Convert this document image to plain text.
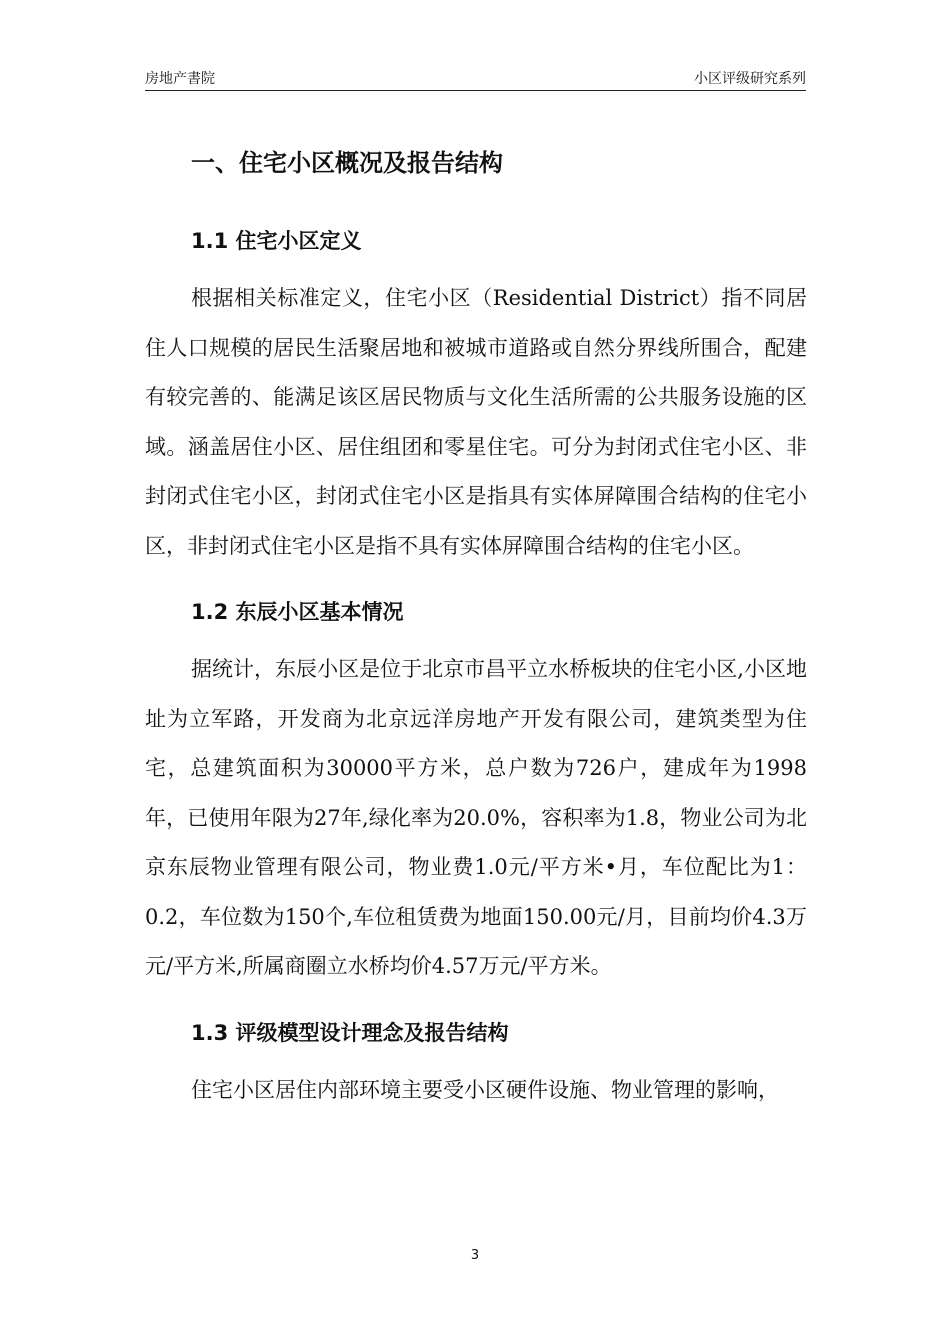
房地产書院	小区评级研究系列
一、住宅小区概况及报告结构
1.1 住宅小区定义

根据相关标准定义，住宅小区（Residential District）指不同居住人口规模的居民生活聚居地和被城市道路或自然分界线所围合，配建有较完善的、能满足该区居民物质与文化生活所需的公共服务设施的区域。涵盖居住小区、居住组团和零星住宅。可分为封闭式住宅小区、非封闭式住宅小区，封闭式住宅小区是指具有实体屏障围合结构的住宅小区，非封闭式住宅小区是指不具有实体屏障围合结构的住宅小区。

1.2 东辰小区基本情况

据统计，东辰小区是位于北京市昌平立水桥板块的住宅小区,小区地址为立军路，开发商为北京远洋房地产开发有限公司，建筑类型为住宅，总建筑面积为30000平方米，总户数为726户，建成年为1998年，已使用年限为27年,绿化率为20.0%，容积率为1.8，物业公司为北京东辰物业管理有限公司，物业费1.0元/平方米•月，车位配比为1：0.2，车位数为150个,车位租赁费为地面150.00元/月，目前均价4.3万元/平方米,所属商圈立水桥均价4.57万元/平方米。

1.3 评级模型设计理念及报告结构

住宅小区居住内部环境主要受小区硬件设施、物业管理的影响，

3
